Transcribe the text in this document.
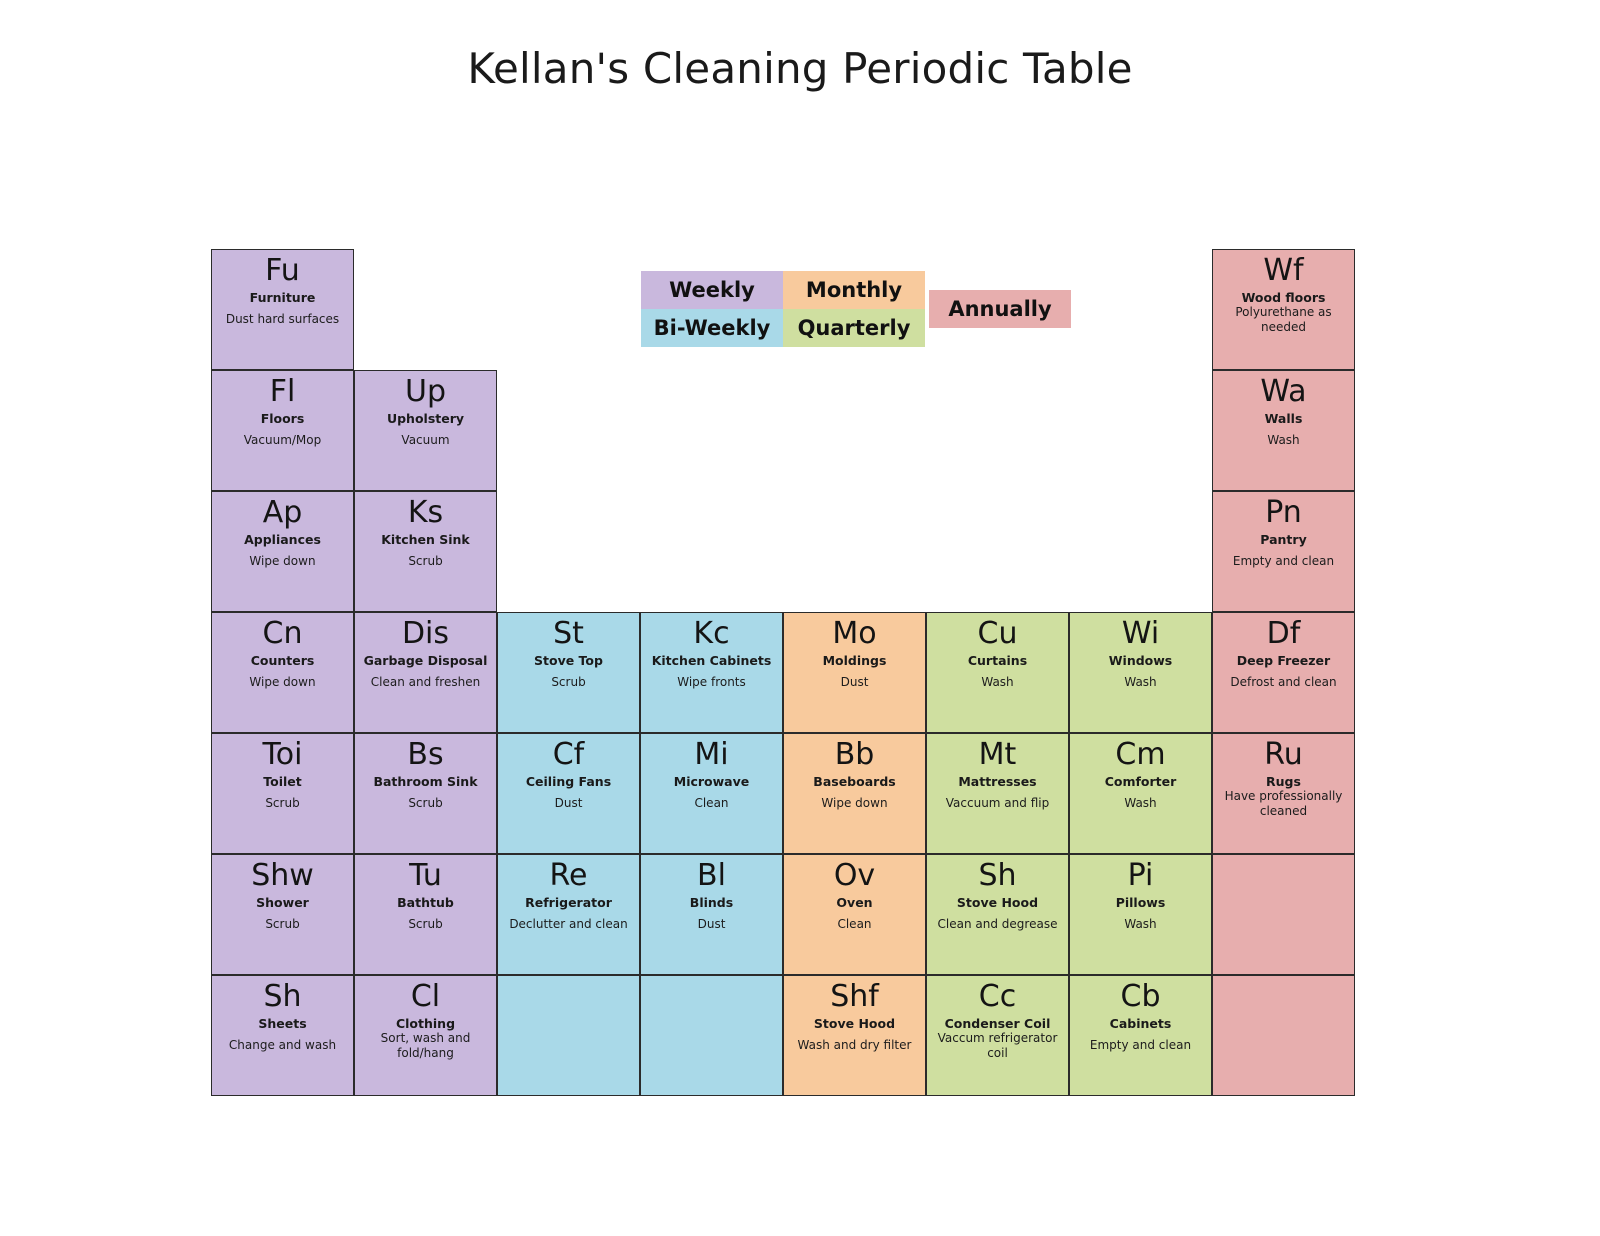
Kellan's Cleaning Periodic Table
Weekly
Bi-Weekly
Monthly
Quarterly
Annually
Fu
Furniture
Dust hard surfaces
Wf
Wood floors
Polyurethane as needed
Fl
Floors
Vacuum/Mop
Up
Upholstery
Vacuum
Wa
Walls
Wash
Ap
Appliances
Wipe down
Ks
Kitchen Sink
Scrub
Pn
Pantry
Empty and clean
Cn
Counters
Wipe down
Dis
Garbage Disposal
Clean and freshen
St
Stove Top
Scrub
Kc
Kitchen Cabinets
Wipe fronts
Mo
Moldings
Dust
Cu
Curtains
Wash
Wi
Windows
Wash
Df
Deep Freezer
Defrost and clean
Toi
Toilet
Scrub
Bs
Bathroom Sink
Scrub
Cf
Ceiling Fans
Dust
Mi
Microwave
Clean
Bb
Baseboards
Wipe down
Mt
Mattresses
Vaccuum and flip
Cm
Comforter
Wash
Ru
Rugs
Have professionally cleaned
Shw
Shower
Scrub
Tu
Bathtub
Scrub
Re
Refrigerator
Declutter and clean
Bl
Blinds
Dust
Ov
Oven
Clean
Sh
Stove Hood
Clean and degrease
Pi
Pillows
Wash
Sh
Sheets
Change and wash
Cl
Clothing
Sort, wash and fold/hang
Shf
Stove Hood
Wash and dry filter
Cc
Condenser Coil
Vaccum refrigerator coil
Cb
Cabinets
Empty and clean
